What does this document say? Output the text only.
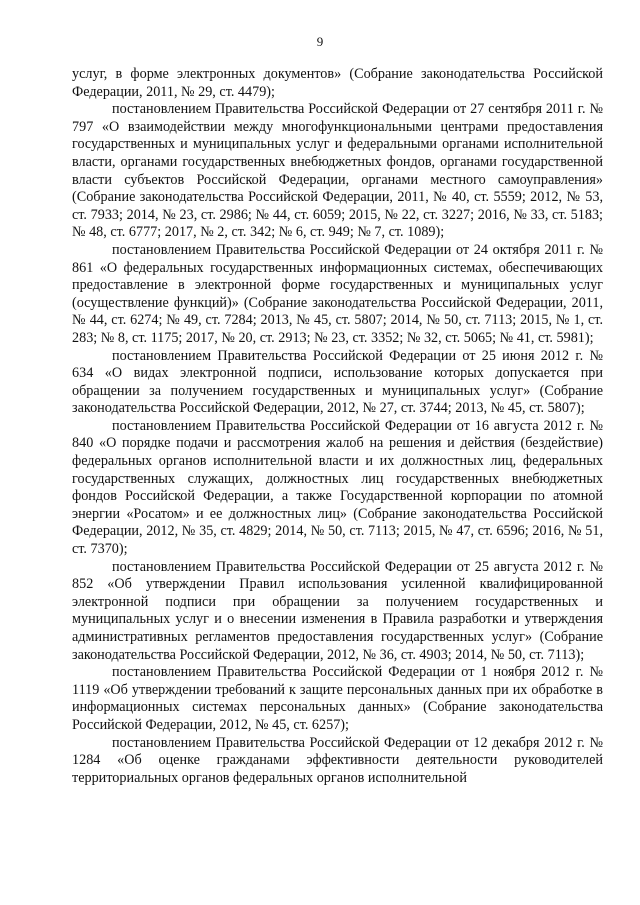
9

услуг, в форме электронных документов» (Собрание законодательства Российской Федерации, 2011, № 29, ст. 4479);

постановлением Правительства Российской Федерации от 27 сентября 2011 г. № 797 «О взаимодействии между многофункциональными центрами предоставления государственных и муниципальных услуг и федеральными органами исполнительной власти, органами государственных внебюджетных фондов, органами государственной власти субъектов Российской Федерации, органами местного самоуправления» (Собрание законодательства Российской Федерации, 2011, № 40, ст. 5559; 2012, № 53, ст. 7933; 2014, № 23, ст. 2986; № 44, ст. 6059; 2015, № 22, ст. 3227; 2016, № 33, ст. 5183; № 48, ст. 6777; 2017, № 2, ст. 342; № 6, ст. 949; № 7, ст. 1089);

постановлением Правительства Российской Федерации от 24 октября 2011 г. № 861 «О федеральных государственных информационных системах, обеспечивающих предоставление в электронной форме государственных и муниципальных услуг (осуществление функций)» (Собрание законодательства Российской Федерации, 2011, № 44, ст. 6274; № 49, ст. 7284; 2013, № 45, ст. 5807; 2014, № 50, ст. 7113; 2015, № 1, ст. 283; № 8, ст. 1175; 2017, № 20, ст. 2913; № 23, ст. 3352; № 32, ст. 5065; № 41, ст. 5981);

постановлением Правительства Российской Федерации от 25 июня 2012 г. № 634 «О видах электронной подписи, использование которых допускается при обращении за получением государственных и муниципальных услуг» (Собрание законодательства Российской Федерации, 2012, № 27, ст. 3744; 2013, № 45, ст. 5807);

постановлением Правительства Российской Федерации от 16 августа 2012 г. № 840 «О порядке подачи и рассмотрения жалоб на решения и действия (бездействие) федеральных органов исполнительной власти и их должностных лиц, федеральных государственных служащих, должностных лиц государственных внебюджетных фондов Российской Федерации, а также Государственной корпорации по атомной энергии «Росатом» и ее должностных лиц» (Собрание законодательства Российской Федерации, 2012, № 35, ст. 4829; 2014, № 50, ст. 7113; 2015, № 47, ст. 6596; 2016, № 51, ст. 7370);

постановлением Правительства Российской Федерации от 25 августа 2012 г. № 852 «Об утверждении Правил использования усиленной квалифицированной электронной подписи при обращении за получением государственных и муниципальных услуг и о внесении изменения в Правила разработки и утверждения административных регламентов предоставления государственных услуг» (Собрание законодательства Российской Федерации, 2012, № 36, ст. 4903; 2014, № 50, ст. 7113);

постановлением Правительства Российской Федерации от 1 ноября 2012 г. № 1119 «Об утверждении требований к защите персональных данных при их обработке в информационных системах персональных данных» (Собрание законодательства Российской Федерации, 2012, № 45, ст. 6257);

постановлением Правительства Российской Федерации от 12 декабря 2012 г. № 1284 «Об оценке гражданами эффективности деятельности руководителей территориальных органов федеральных органов исполнительной
